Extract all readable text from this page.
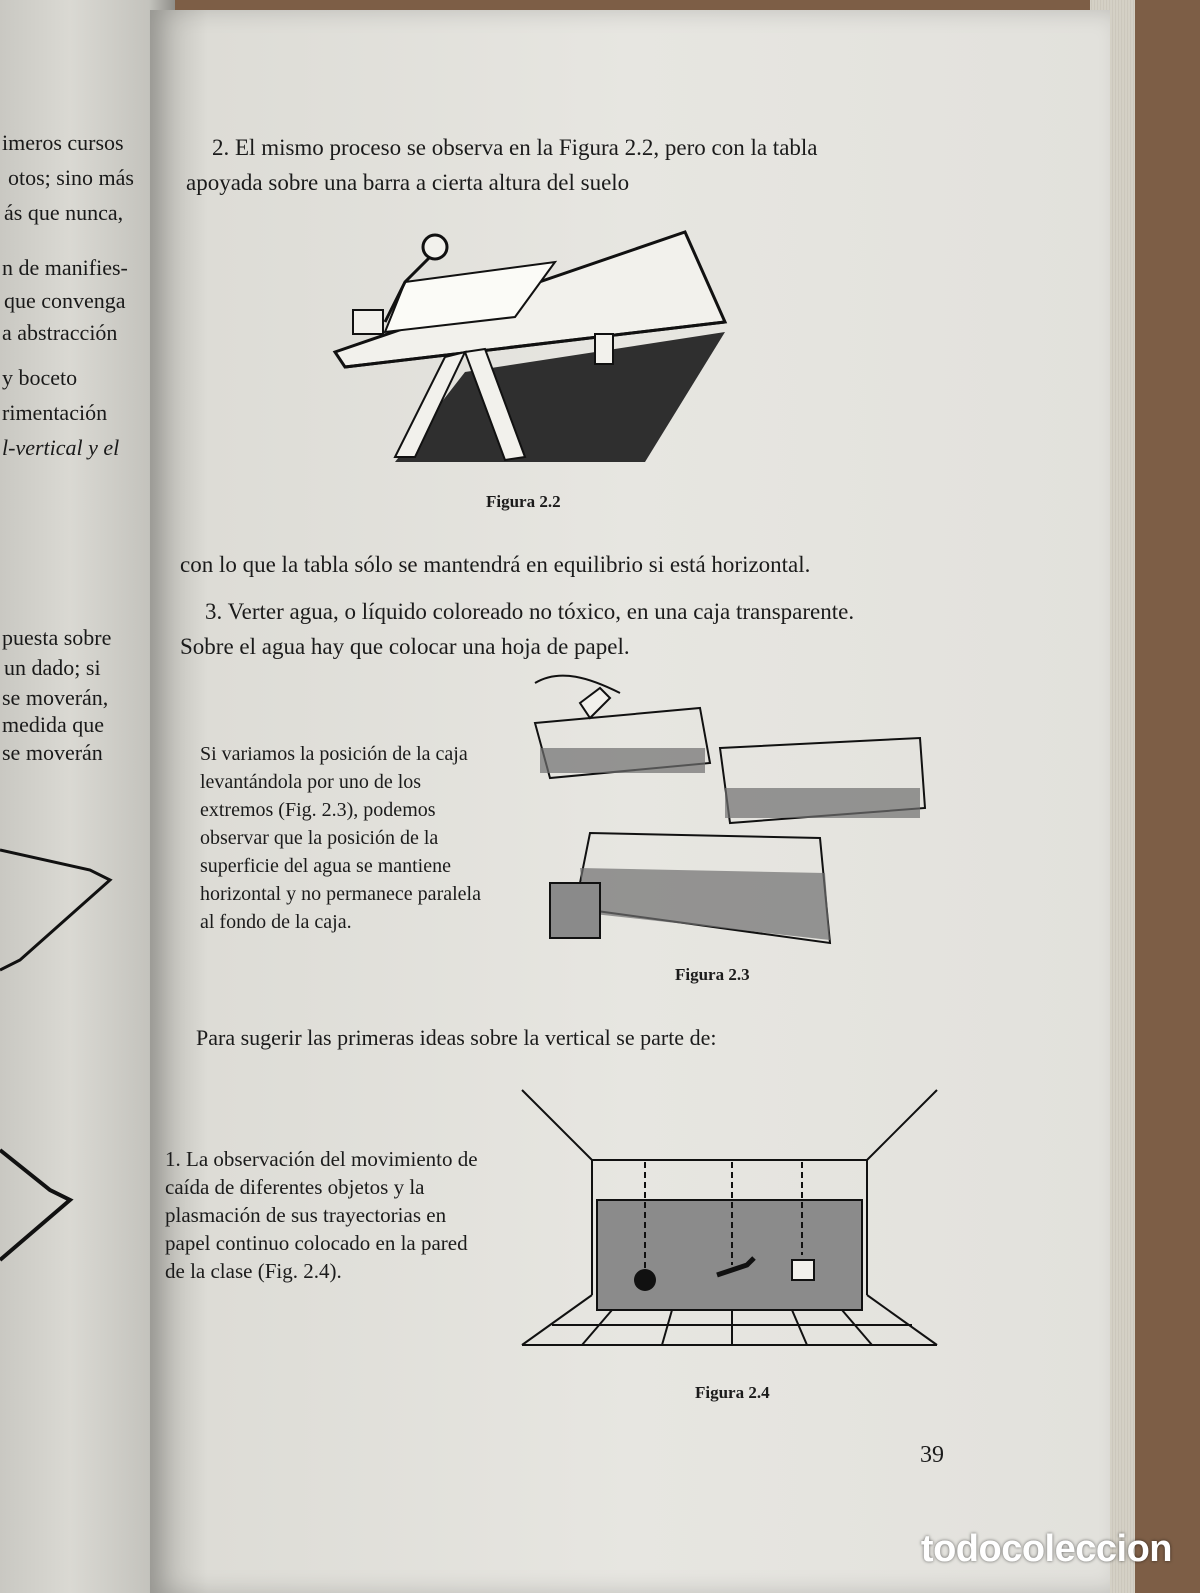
imeros cursos
otos; sino más
ás que nunca,
n de manifies-
que convenga
a abstracción
y boceto
rimentación
l-vertical y el
puesta sobre
un dado; si
se moverán,
medida que
se moverán
2. El mismo proceso se observa en la Figura 2.2, pero con la tabla
apoyada sobre una barra a cierta altura del suelo
Figura 2.2
con lo que la tabla sólo se mantendrá en equilibrio si está horizontal.
3. Verter agua, o líquido coloreado no tóxico, en una caja transparente.
Sobre el agua hay que colocar una hoja de papel.
Si variamos la posición de la caja levantándola por uno de los extremos (Fig. 2.3), podemos observar que la posición de la superficie del agua se mantiene horizontal y no permanece paralela al fondo de la caja.
Figura 2.3
Para sugerir las primeras ideas sobre la vertical se parte de:
1. La observación del movimiento de caída de diferentes objetos y la plasmación de sus trayectorias en papel continuo colocado en la pared de la clase (Fig. 2.4).
Figura 2.4
39
todocoleccion
